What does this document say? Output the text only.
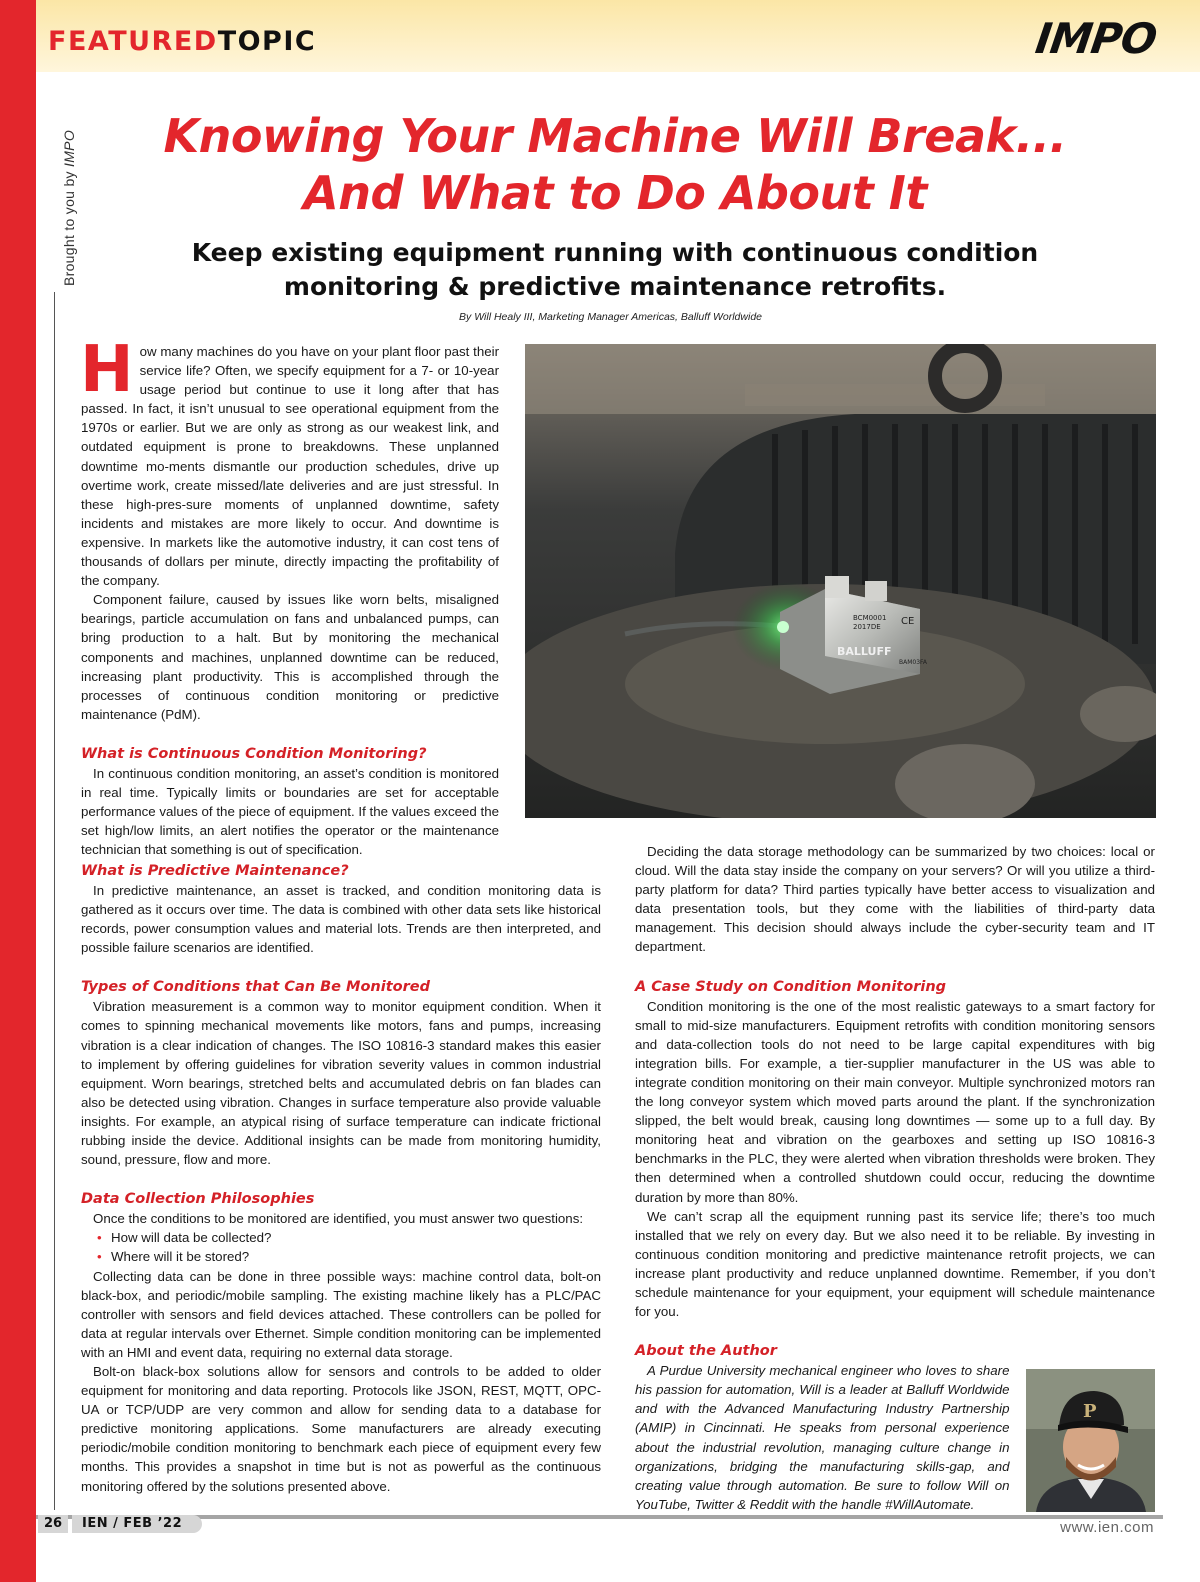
FEATUREDTOPIC	IMPO
Brought to you by IMPO	Knowing Your Machine Will Break...
And What to Do About It
Keep existing equipment running with continuous condition
monitoring & predictive maintenance retrofits.
By Will Healy III, Marketing Manager Americas, Balluff Worldwide

How many machines do you have on your plant floor past their service life? Often, we specify equipment for a 7- or 10-year usage period but continue to use it long after that has passed. In fact, it isn’t unusual to see operational equipment from the 1970s or earlier. But we are only as strong as our weakest link, and outdated equipment is prone to breakdowns. These unplanned downtime mo-ments dismantle our production schedules, drive up overtime work, create missed/late deliveries and are just stressful. In these high-pres-sure moments of unplanned downtime, safety incidents and mistakes are more likely to occur. And downtime is expensive. In markets like the automotive industry, it can cost tens of thousands of dollars per minute, directly impacting the profitability of the company.

Component failure, caused by issues like worn belts, misaligned bearings, particle accumulation on fans and unbalanced pumps, can bring production to a halt. But by monitoring the mechanical components and machines, unplanned downtime can be reduced, increasing plant productivity. This is accomplished through the processes of continuous condition monitoring or predictive maintenance (PdM).

What is Continuous Condition Monitoring?

In continuous condition monitoring, an asset’s condition is monitored in real time. Typically limits or boundaries are set for acceptable performance values of the piece of equipment. If the values exceed the set high/low limits, an alert notifies the operator or the maintenance technician that something is out of specification.

BCM0001
2017DE CE
BALLUFF
BAM03FA
What is Predictive Maintenance?

In predictive maintenance, an asset is tracked, and condition monitoring data is gathered as it occurs over time. The data is combined with other data sets like historical records, power consumption values and material lots. Trends are then interpreted, and possible failure scenarios are identified.

Types of Conditions that Can Be Monitored

Vibration measurement is a common way to monitor equipment condition. When it comes to spinning mechanical movements like motors, fans and pumps, increasing vibration is a clear indication of changes. The ISO 10816-3 standard makes this easier to implement by offering guidelines for vibration severity values in common industrial equipment. Worn bearings, stretched belts and accumulated debris on fan blades can also be detected using vibration. Changes in surface temperature also provide valuable insights. For example, an atypical rising of surface temperature can indicate frictional rubbing inside the device. Additional insights can be made from monitoring humidity, sound, pressure, flow and more.

Data Collection Philosophies

Once the conditions to be monitored are identified, you must answer two questions:

• How will data be collected?
• Where will it be stored?

Collecting data can be done in three possible ways: machine control data, bolt-on black-box, and periodic/mobile sampling. The existing machine likely has a PLC/PAC controller with sensors and field devices attached. These controllers can be polled for data at regular intervals over Ethernet. Simple condition monitoring can be implemented with an HMI and event data, requiring no external data storage.

Bolt-on black-box solutions allow for sensors and controls to be added to older equipment for monitoring and data reporting. Protocols like JSON, REST, MQTT, OPC-UA or TCP/UDP are very common and allow for sending data to a database for predictive monitoring applications. Some manufacturers are already executing periodic/mobile condition monitoring to benchmark each piece of equipment every few months. This provides a snapshot in time but is not as powerful as the continuous monitoring offered by the solutions presented above.

Deciding the data storage methodology can be summarized by two choices: local or cloud. Will the data stay inside the company on your servers? Or will you utilize a third-party platform for data? Third parties typically have better access to visualization and data presentation tools, but they come with the liabilities of third-party data management. This decision should always include the cyber-security team and IT department.

A Case Study on Condition Monitoring

Condition monitoring is the one of the most realistic gateways to a smart factory for small to mid-size manufacturers. Equipment retrofits with condition monitoring sensors and data-collection tools do not need to be large capital expenditures with big integration bills. For example, a tier-supplier manufacturer in the US was able to integrate condition monitoring on their main conveyor. Multiple synchronized motors ran the long conveyor system which moved parts around the plant. If the synchronization slipped, the belt would break, causing long downtimes — some up to a full day. By monitoring heat and vibration on the gearboxes and setting up ISO 10816-3 benchmarks in the PLC, they were alerted when vibration thresholds were broken. They then determined when a controlled shutdown could occur, reducing the downtime duration by more than 80%.

We can’t scrap all the equipment running past its service life; there’s too much installed that we rely on every day. But we also need it to be reliable. By investing in continuous condition monitoring and predictive maintenance retrofit projects, we can increase plant productivity and reduce unplanned downtime. Remember, if you don’t schedule maintenance for your equipment, your equipment will schedule maintenance for you.

About the Author

A Purdue University mechanical engineer who loves to share his passion for automation, Will is a leader at Balluff Worldwide and with the Advanced Manufacturing Industry Partnership (AMIP) in Cincinnati. He speaks from personal experience about the industrial revolution, managing culture change in organizations, bridging the manufacturing skills-gap, and creating value through automation. Be sure to follow Will on YouTube, Twitter & Reddit with the handle #WillAutomate.

P
26	IEN / FEB ’22	www.ien.com
